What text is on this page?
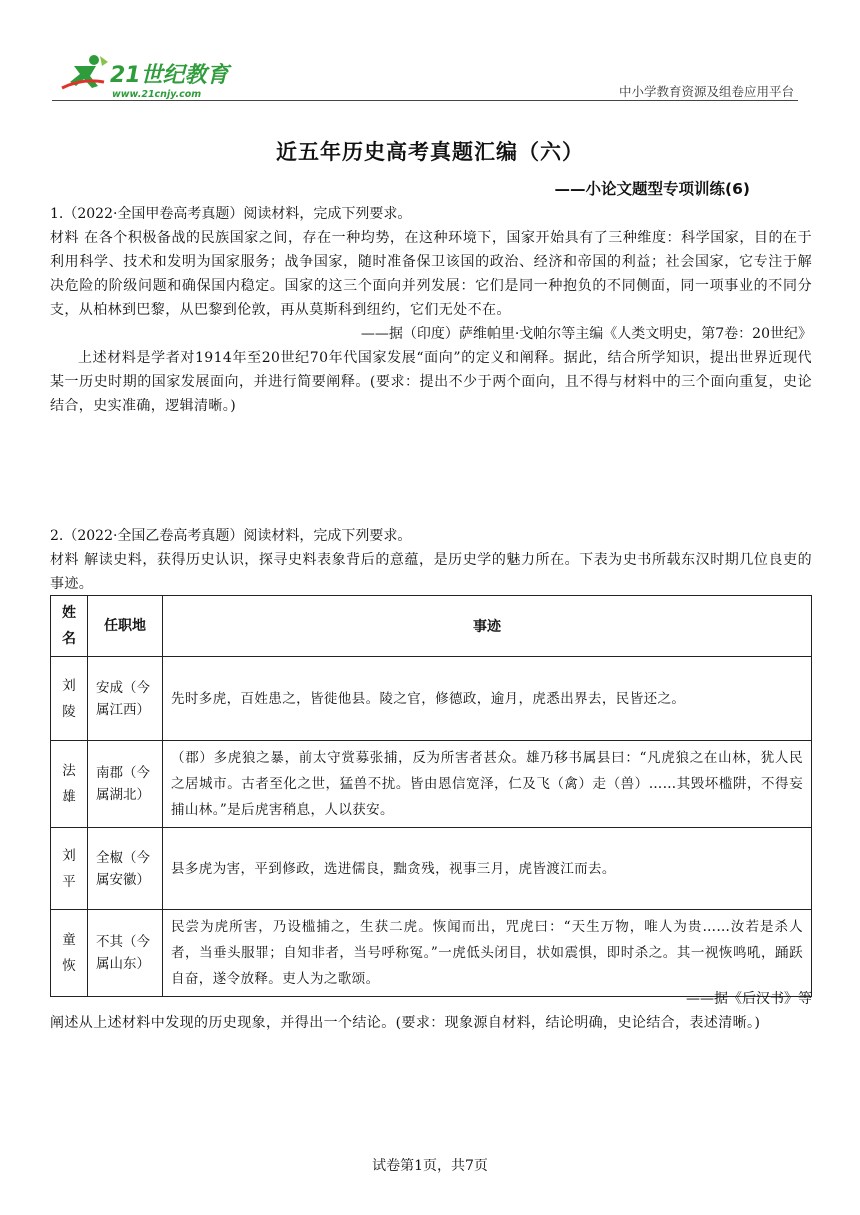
21世纪教育
www.21cnjy.com	中小学教育资源及组卷应用平台
近五年历史高考真题汇编（六）
——小论文题型专项训练(6)
1.（2022·全国甲卷高考真题）阅读材料，完成下列要求。
材料 在各个积极备战的民族国家之间，存在一种均势，在这种环境下，国家开始具有了三种维度：科学国家，目的在于利用科学、技术和发明为国家服务；战争国家，随时准备保卫该国的政治、经济和帝国的利益；社会国家，它专注于解决危险的阶级问题和确保国内稳定。国家的这三个面向并列发展：它们是同一种抱负的不同侧面，同一项事业的不同分支，从柏林到巴黎，从巴黎到伦敦，再从莫斯科到纽约，它们无处不在。
——据（印度）萨维帕里·戈帕尔等主编《人类文明史，第7卷：20世纪》
上述材料是学者对1914年至20世纪70年代国家发展“面向”的定义和阐释。据此，结合所学知识，提出世界近现代某一历史时期的国家发展面向，并进行简要阐释。(要求：提出不少于两个面向，且不得与材料中的三个面向重复，史论结合，史实准确，逻辑清晰。)
2.（2022·全国乙卷高考真题）阅读材料，完成下列要求。
材料 解读史料，获得历史认识，探寻史料表象背后的意蕴，是历史学的魅力所在。下表为史书所载东汉时期几位良吏的事迹。
姓名	任职地	事迹
刘陵	安成（今属江西）	先时多虎，百姓患之，皆徙他县。陵之官，修德政，逾月，虎悉出界去，民皆还之。
法雄	南郡（今属湖北）	（郡）多虎狼之暴，前太守赏募张捕，反为所害者甚众。雄乃移书属县曰：“凡虎狼之在山林，犹人民之居城市。古者至化之世，猛兽不扰。皆由恩信宽泽，仁及飞（禽）走（兽）……其毁坏槛阱，不得妄捕山林。”是后虎害稍息，人以获安。
刘平	全椒（今属安徽）	县多虎为害，平到修政，选进儒良，黜贪残，视事三月，虎皆渡江而去。
童恢	不其（今属山东）	民尝为虎所害，乃设槛捕之，生获二虎。恢闻而出，咒虎曰：“天生万物，唯人为贵……汝若是杀人者，当垂头服罪；自知非者，当号呼称冤。”一虎低头闭目，状如震惧，即时杀之。其一视恢鸣吼，踊跃自奋，遂令放释。吏人为之歌颂。
——据《后汉书》等
阐述从上述材料中发现的历史现象，并得出一个结论。(要求：现象源自材料，结论明确，史论结合，表述清晰。)
试卷第1页，共7页
